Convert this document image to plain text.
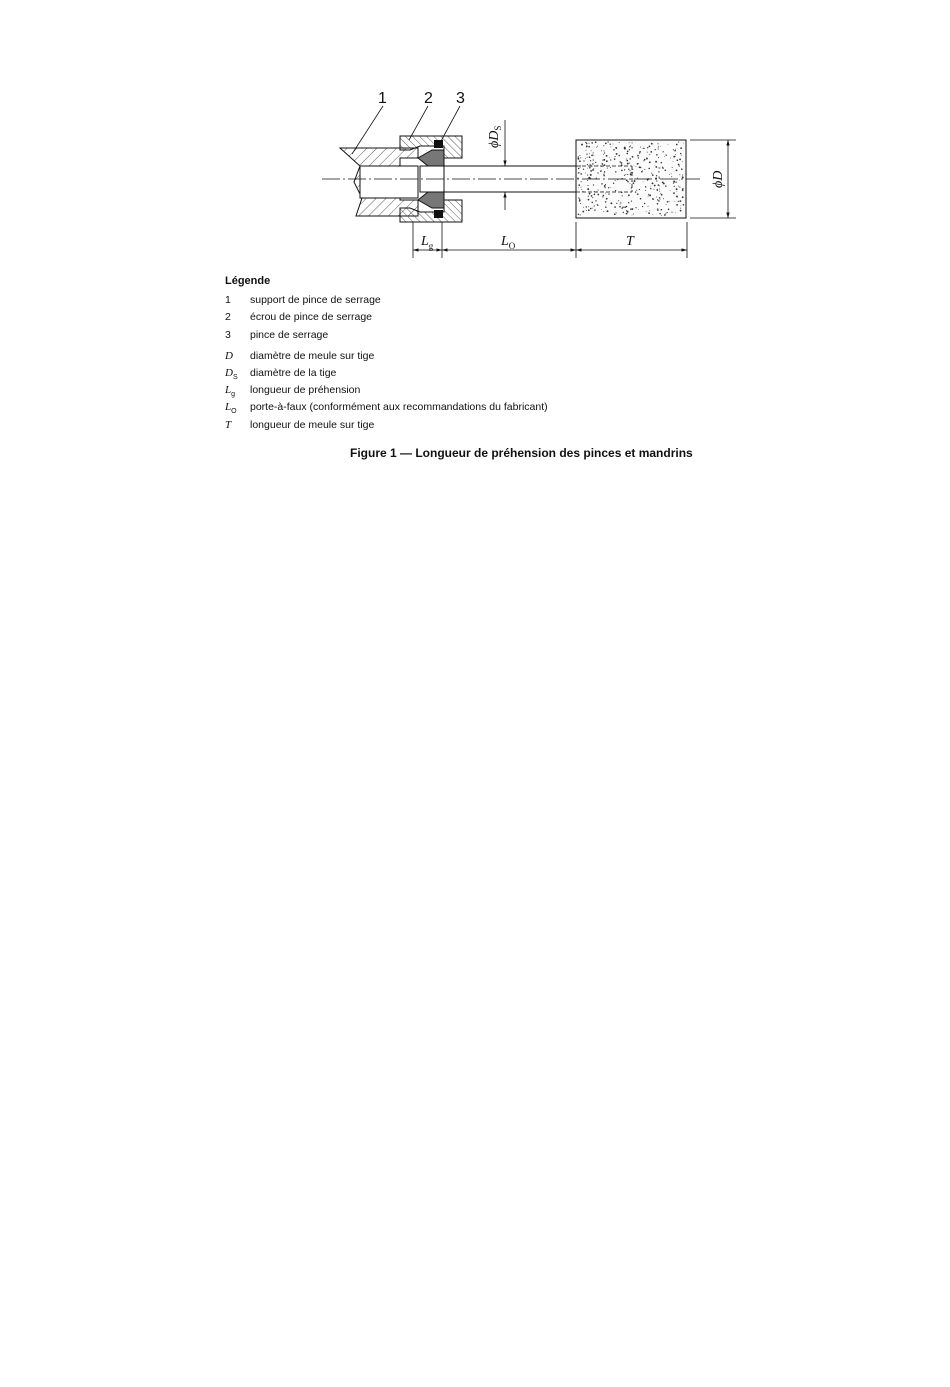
1 2 3
$\phi D_S$
ϕD
$L_g$	$L_O$	T
Légende
1 support de pince de serrage
2 écrou de pince de serrage
3 pince de serrage
D diamètre de meule sur tige
$D_S$ diamètre de la tige
$L_g$ longueur de préhension
$L_O$ porte-à-faux (conformément aux recommandations du fabricant)
T longueur de meule sur tige
Figure 1 — Longueur de préhension des pinces et mandrins
